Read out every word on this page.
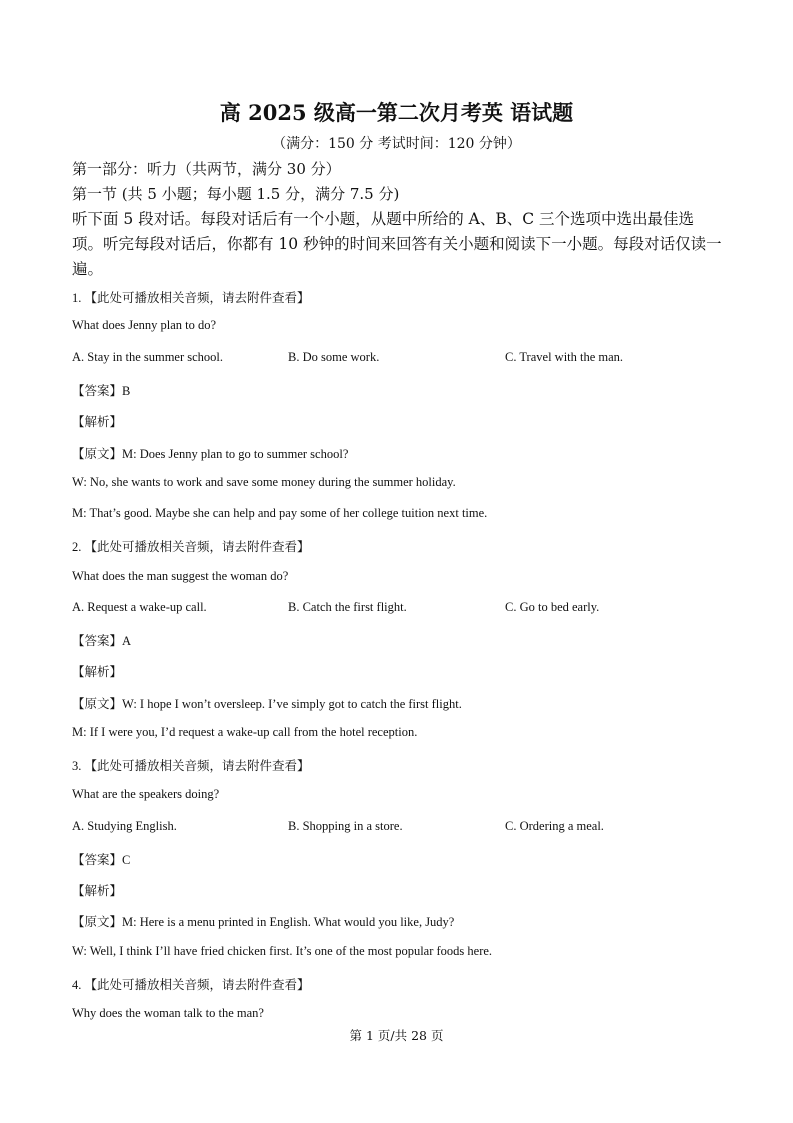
高 2025 级高一第二次月考英 语试题
（满分：150 分 考试时间：120 分钟）
第一部分：听力（共两节，满分 30 分）
第一节 (共 5 小题；每小题 1.5 分，满分 7.5 分)
听下面 5 段对话。每段对话后有一个小题，从题中所给的 A、B、C 三个选项中选出最佳选项。听完每段对话后，你都有 10 秒钟的时间来回答有关小题和阅读下一小题。每段对话仅读一遍。
1. 【此处可播放相关音频，请去附件查看】
What does Jenny plan to do?
A. Stay in the summer school.	B. Do some work.	C. Travel with the man.
【答案】B
【解析】
【原文】M: Does Jenny plan to go to summer school?
W: No, she wants to work and save some money during the summer holiday.
M: That’s good. Maybe she can help and pay some of her college tuition next time.
2. 【此处可播放相关音频，请去附件查看】
What does the man suggest the woman do?
A. Request a wake-up call.	B. Catch the first flight.	C. Go to bed early.
【答案】A
【解析】
【原文】W: I hope I won’t oversleep. I’ve simply got to catch the first flight.
M: If I were you, I’d request a wake-up call from the hotel reception.
3. 【此处可播放相关音频，请去附件查看】
What are the speakers doing?
A. Studying English.	B. Shopping in a store.	C. Ordering a meal.
【答案】C
【解析】
【原文】M: Here is a menu printed in English. What would you like, Judy?
W: Well, I think I’ll have fried chicken first. It’s one of the most popular foods here.
4. 【此处可播放相关音频，请去附件查看】
Why does the woman talk to the man?
第 1 页/共 28 页
